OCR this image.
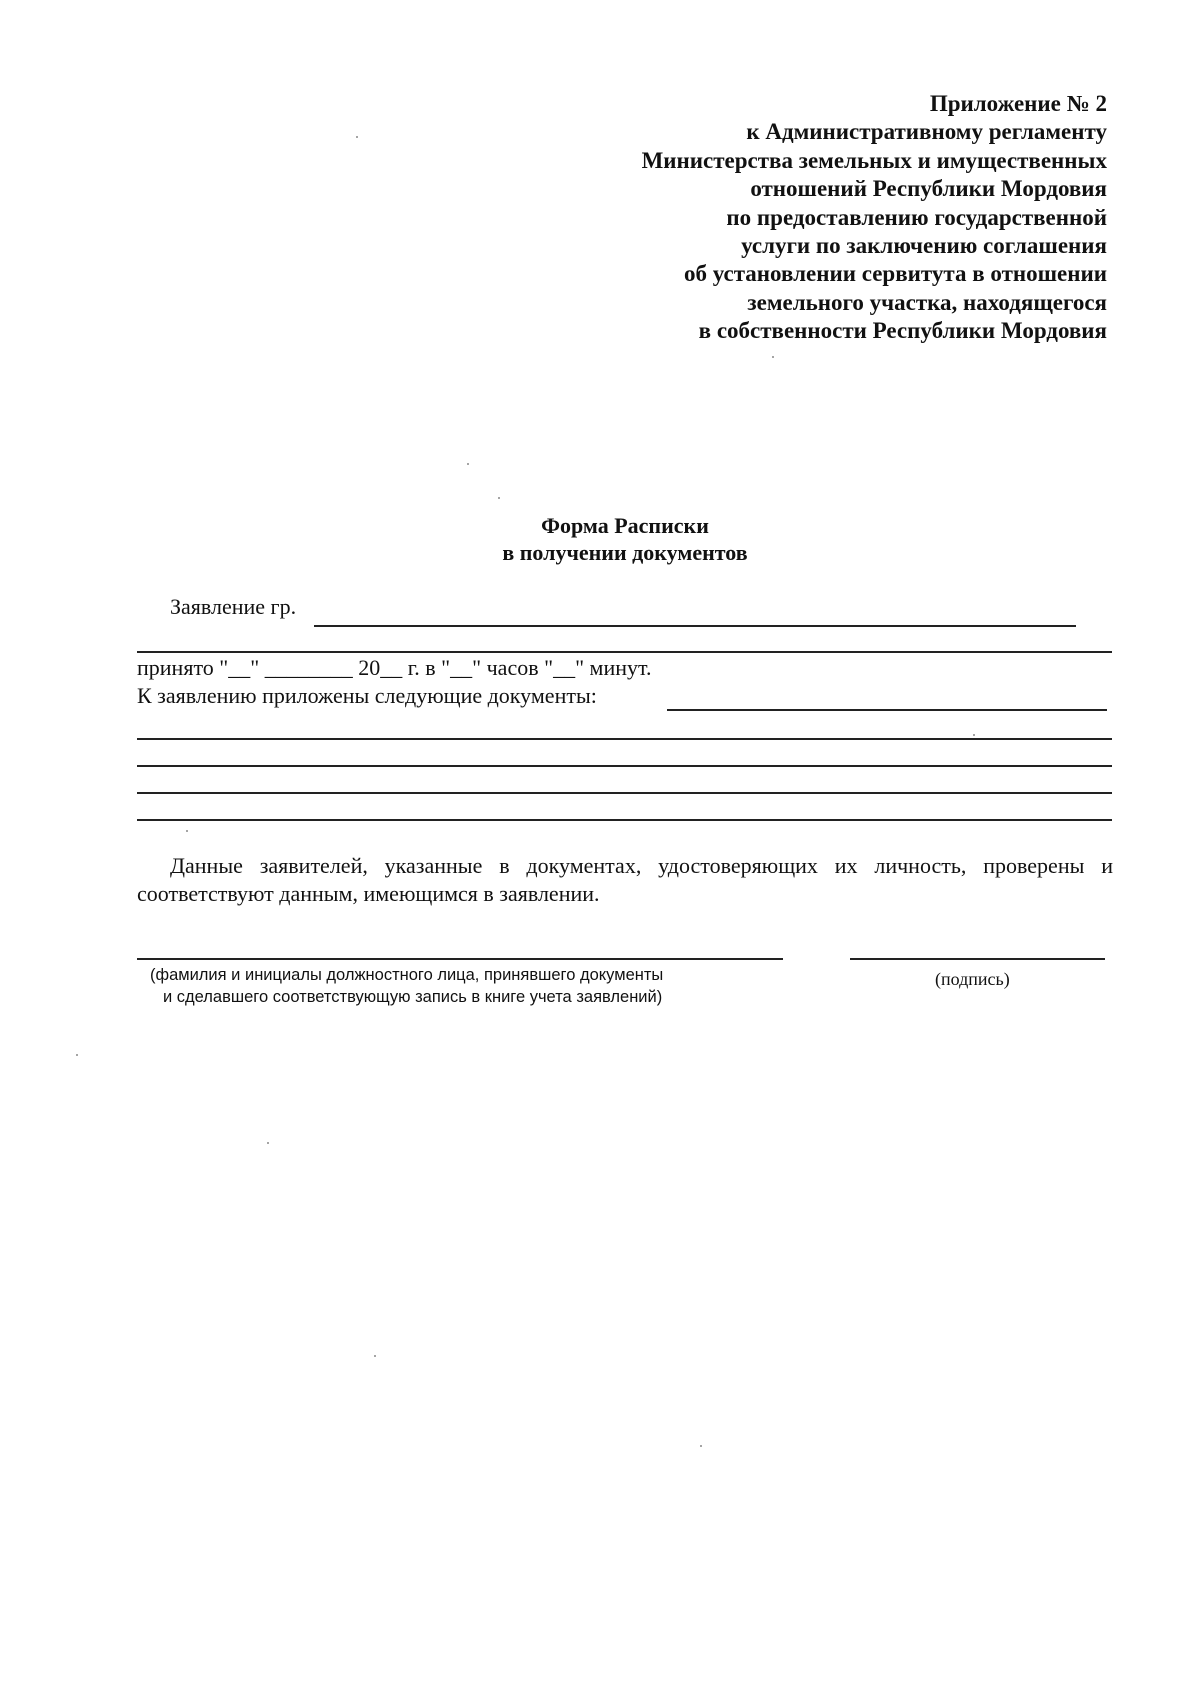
Приложение № 2
к Административному регламенту
Министерства земельных и имущественных
отношений Республики Мордовия
по предоставлению государственной
услуги по заключению соглашения
об установлении сервитута в отношении
земельного участка, находящегося
в собственности Республики Мордовия
Форма Расписки
в получении документов
Заявление гр.
принято "__" ________ 20__ г. в "__" часов "__" минут.
К заявлению приложены следующие документы:
Данные заявителей, указанные в документах, удостоверяющих их личность, проверены и соответствуют данным, имеющимся в заявлении.
(фамилия и инициалы должностного лица, принявшего документы
и сделавшего соответствующую запись в книге учета заявлений)
(подпись)
